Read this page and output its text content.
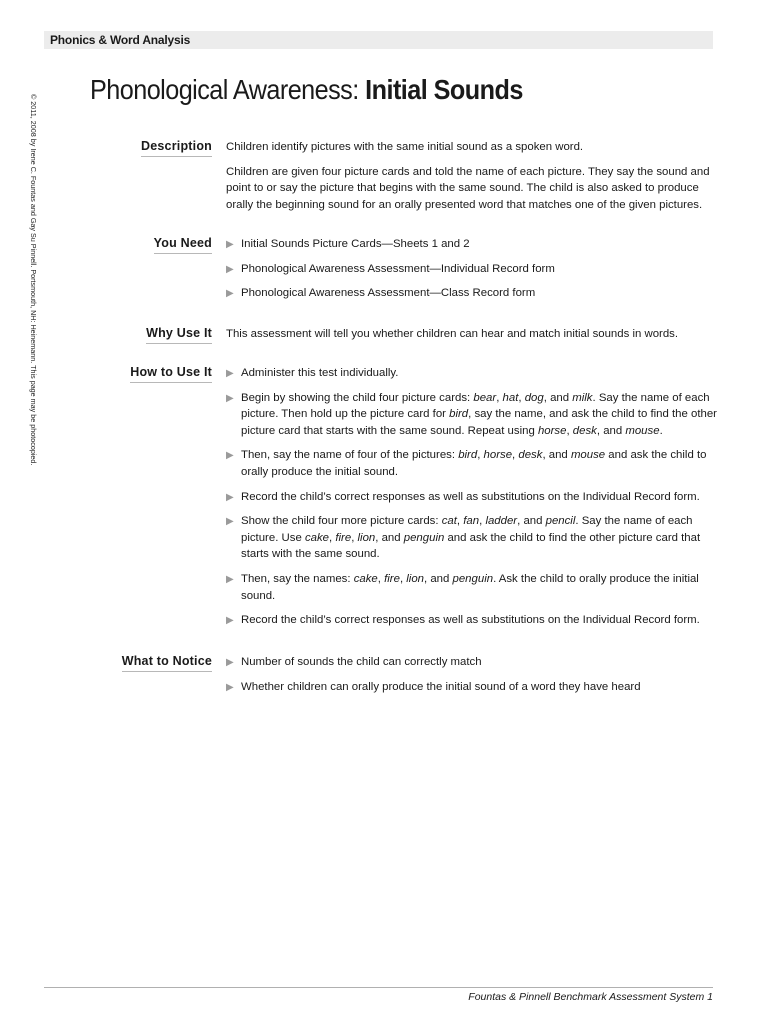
Phonics & Word Analysis
© 2011, 2008 by Irene C. Fountas and Gay Su Pinnell. Portsmouth, NH: Heinemann. This page may be photocopied.
Phonological Awareness: Initial Sounds
Description Children identify pictures with the same initial sound as a spoken word.

Children are given four picture cards and told the name of each picture. They say the sound and point to or say the picture that begins with the same sound. The child is also asked to produce orally the beginning sound for an orally presented word that matches one of the given pictures.

You Need ▶ Initial Sounds Picture Cards—Sheets 1 and 2
▶ Phonological Awareness Assessment—Individual Record form
▶ Phonological Awareness Assessment—Class Record form
Why Use It This assessment will tell you whether children can hear and match initial sounds in words.

How to Use It ▶ Administer this test individually.
▶ Begin by showing the child four picture cards: bear, hat, dog, and milk. Say the name of each picture. Then hold up the picture card for bird, say the name, and ask the child to find the other picture card that starts with the same sound. Repeat using horse, desk, and mouse.
▶ Then, say the name of four of the pictures: bird, horse, desk, and mouse and ask the child to orally produce the initial sound.
▶ Record the child’s correct responses as well as substitutions on the Individual Record form.
▶ Show the child four more picture cards: cat, fan, ladder, and pencil. Say the name of each picture. Use cake, fire, lion, and penguin and ask the child to find the other picture card that starts with the same sound.
▶ Then, say the names: cake, fire, lion, and penguin. Ask the child to orally produce the initial sound.
▶ Record the child’s correct responses as well as substitutions on the Individual Record form.
What to Notice ▶ Number of sounds the child can correctly match
▶ Whether children can orally produce the initial sound of a word they have heard
Fountas & Pinnell Benchmark Assessment System 1
